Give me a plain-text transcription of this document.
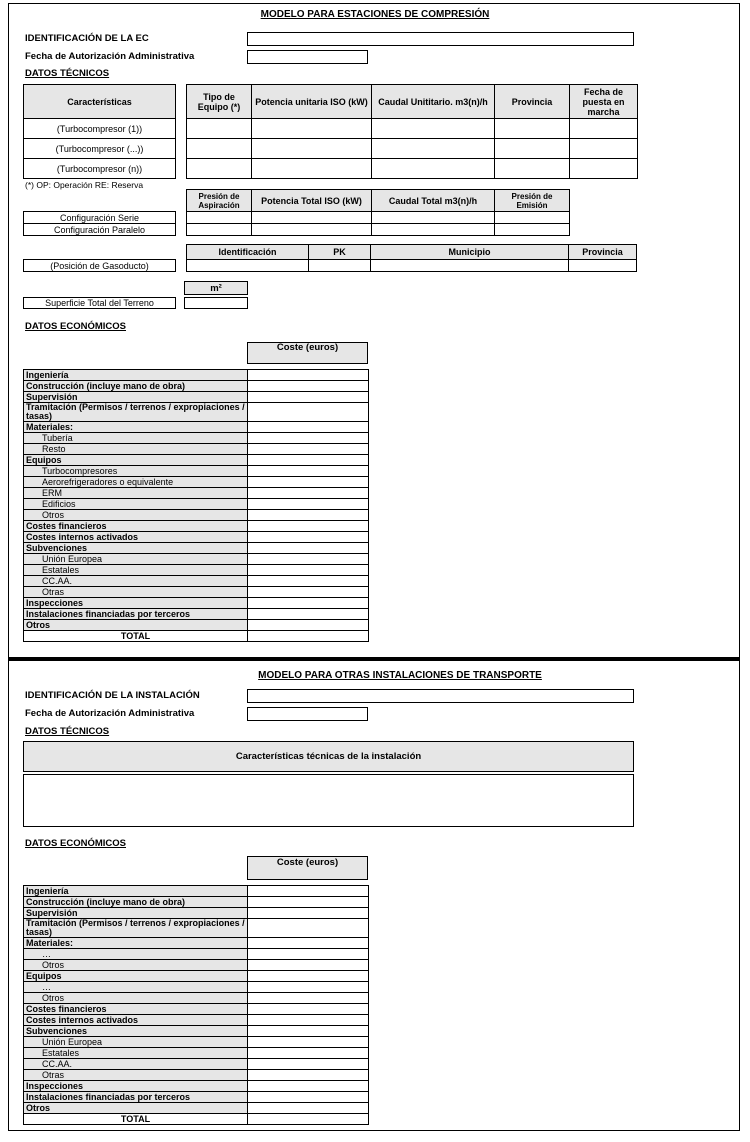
MODELO PARA ESTACIONES DE COMPRESIÓN
IDENTIFICACIÓN DE LA EC
Fecha de Autorización Administrativa
DATOS TÉCNICOS
Características		Tipo de Equipo (*)	Potencia unitaria ISO (kW)	Caudal Unititario. m3(n)/h	Provincia	Fecha de puesta en marcha
(Turbocompresor (1))						
(Turbocompresor (...))						
(Turbocompresor (n))						
(*) OP: Operación RE: Reserva
		Presión de Aspiración	Potencia Total ISO (kW)	Caudal Total m3(n)/h	Presión de Emisión
Configuración Serie					
Configuración Paralelo					
		Identificación	PK	Municipio	Provincia
(Posición de Gasoducto)					
m²
Superficie Total del Terreno
DATOS ECONÓMICOS
Coste (euros)
Ingeniería	
Construcción (incluye mano de obra)	
Supervisión	
Tramitación (Permisos / terrenos / expropiaciones / tasas)	
Materiales:	
Tubería	
Resto	
Equipos	
Turbocompresores	
Aerorefrigeradores o equivalente	
ERM	
Edificios	
Otros	
Costes financieros	
Costes internos activados	
Subvenciones	
Unión Europea	
Estatales	
CC.AA.	
Otras	
Inspecciones	
Instalaciones financiadas por terceros	
Otros	
TOTAL	
MODELO PARA OTRAS INSTALACIONES DE TRANSPORTE
IDENTIFICACIÓN DE LA INSTALACIÓN
Fecha de Autorización Administrativa
DATOS TÉCNICOS
Características técnicas de la instalación
DATOS ECONÓMICOS
Coste (euros)
Ingeniería	
Construcción (incluye mano de obra)	
Supervisión	
Tramitación (Permisos / terrenos / expropiaciones / tasas)	
Materiales:	
…	
Otros	
Equipos	
…	
Otros	
Costes financieros	
Costes internos activados	
Subvenciones	
Unión Europea	
Estatales	
CC.AA.	
Otras	
Inspecciones	
Instalaciones financiadas por terceros	
Otros	
TOTAL	
